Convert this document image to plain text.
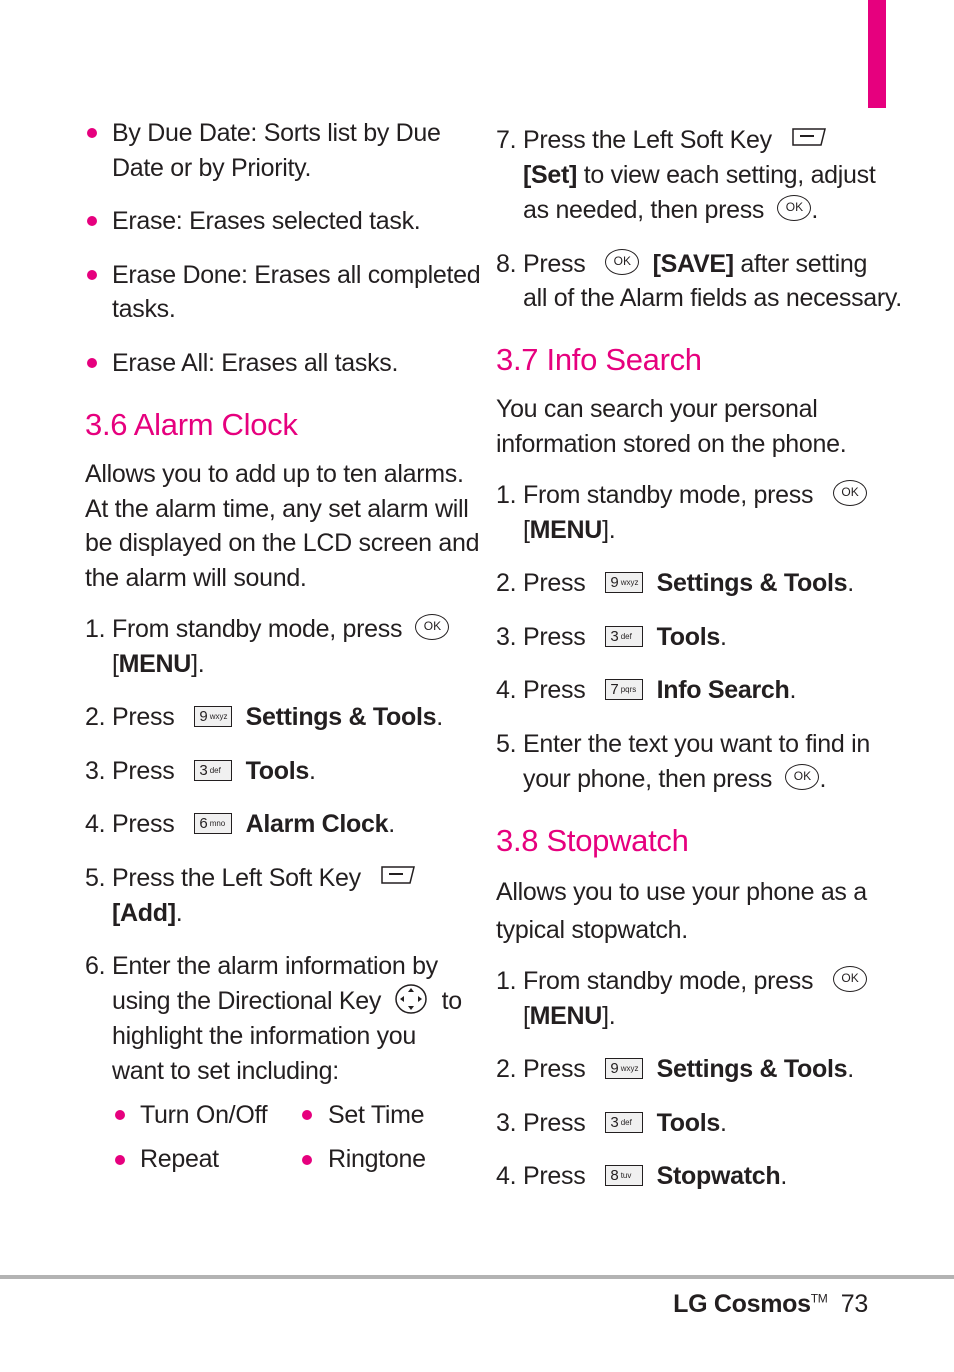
By Due Date: Sorts list by Due
Date or by Priority.
Erase: Erases selected task.
Erase Done: Erases all completed
tasks.
Erase All: Erases all tasks.
3.6 Alarm Clock
Allows you to add up to ten alarms.
At the alarm time, any set alarm will
be displayed on the LCD screen and
the alarm will sound.
1. From standby mode, press OK
[MENU].
2. Press 9 $^{wxyz}$ Settings & Tools.
3. Press 3 $^{def}$ Tools.
4. Press 6 $^{mno}$ Alarm Clock.
5. Press the Left Soft Key
[Add].
6. Enter the alarm information by
using the Directional Key to
highlight the information you
want to set including:
Turn On/Off Set Time
Repeat	Ringtone
7. Press the Left Soft Key
[Set] to view each setting, adjust
as needed, then press OK .
8. Press OK [SAVE] after setting
all of the Alarm fields as necessary.
3.7 Info Search
You can search your personal
information stored on the phone.
1. From standby mode, press OK
[MENU].
2. Press 9 $^{wxyz}$ Settings & Tools.
3. Press 3 $^{def}$ Tools.
4. Press 7 $^{pqrs}$ Info Search.
5. Enter the text you want to find in
your phone, then press OK .
3.8 Stopwatch
Allows you to use your phone as a
typical stopwatch.
1. From standby mode, press OK
[MENU].
2. Press 9 $^{wxyz}$ Settings & Tools.
3. Press 3 $^{def}$ Tools.
4. Press 8 $^{tuv}$ Stopwatch.
LG Cosmos™ 73
